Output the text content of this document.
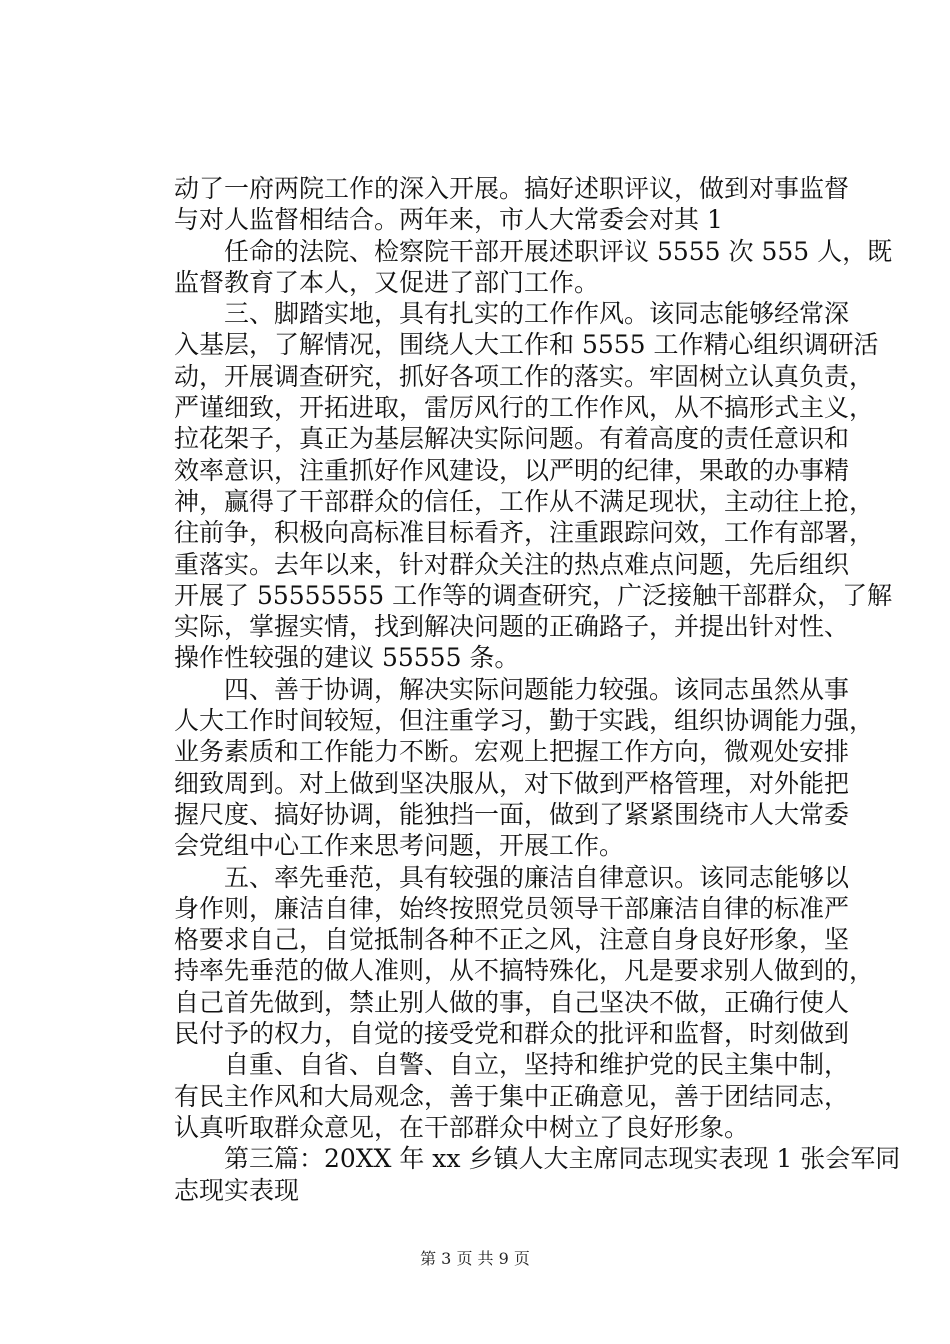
动了一府两院工作的深入开展。搞好述职评议，做到对事监督
与对人监督相结合。两年来，市人大常委会对其 1
　　任命的法院、检察院干部开展述职评议 5555 次 555 人，既
监督教育了本人，又促进了部门工作。
　　三、脚踏实地，具有扎实的工作作风。该同志能够经常深
入基层，了解情况，围绕人大工作和 5555 工作精心组织调研活
动，开展调查研究，抓好各项工作的落实。牢固树立认真负责，
严谨细致，开拓进取，雷厉风行的工作作风，从不搞形式主义，
拉花架子，真正为基层解决实际问题。有着高度的责任意识和
效率意识，注重抓好作风建设，以严明的纪律，果敢的办事精
神，赢得了干部群众的信任，工作从不满足现状，主动往上抢，
往前争，积极向高标准目标看齐，注重跟踪问效，工作有部署，
重落实。去年以来，针对群众关注的热点难点问题，先后组织
开展了 55555555 工作等的调查研究，广泛接触干部群众，了解
实际，掌握实情，找到解决问题的正确路子，并提出针对性、
操作性较强的建议 55555 条。
　　四、善于协调，解决实际问题能力较强。该同志虽然从事
人大工作时间较短，但注重学习，勤于实践，组织协调能力强，
业务素质和工作能力不断。宏观上把握工作方向，微观处安排
细致周到。对上做到坚决服从，对下做到严格管理，对外能把
握尺度、搞好协调，能独挡一面，做到了紧紧围绕市人大常委
会党组中心工作来思考问题，开展工作。
　　五、率先垂范，具有较强的廉洁自律意识。该同志能够以
身作则，廉洁自律，始终按照党员领导干部廉洁自律的标准严
格要求自己，自觉抵制各种不正之风，注意自身良好形象，坚
持率先垂范的做人准则，从不搞特殊化，凡是要求别人做到的，
自己首先做到，禁止别人做的事，自己坚决不做，正确行使人
民付予的权力，自觉的接受党和群众的批评和监督，时刻做到
　　自重、自省、自警、自立，坚持和维护党的民主集中制，
有民主作风和大局观念，善于集中正确意见，善于团结同志，
认真听取群众意见，在干部群众中树立了良好形象。
　　第三篇：20XX 年 xx 乡镇人大主席同志现实表现 1 张会军同
志现实表现
第 3 页 共 9 页
